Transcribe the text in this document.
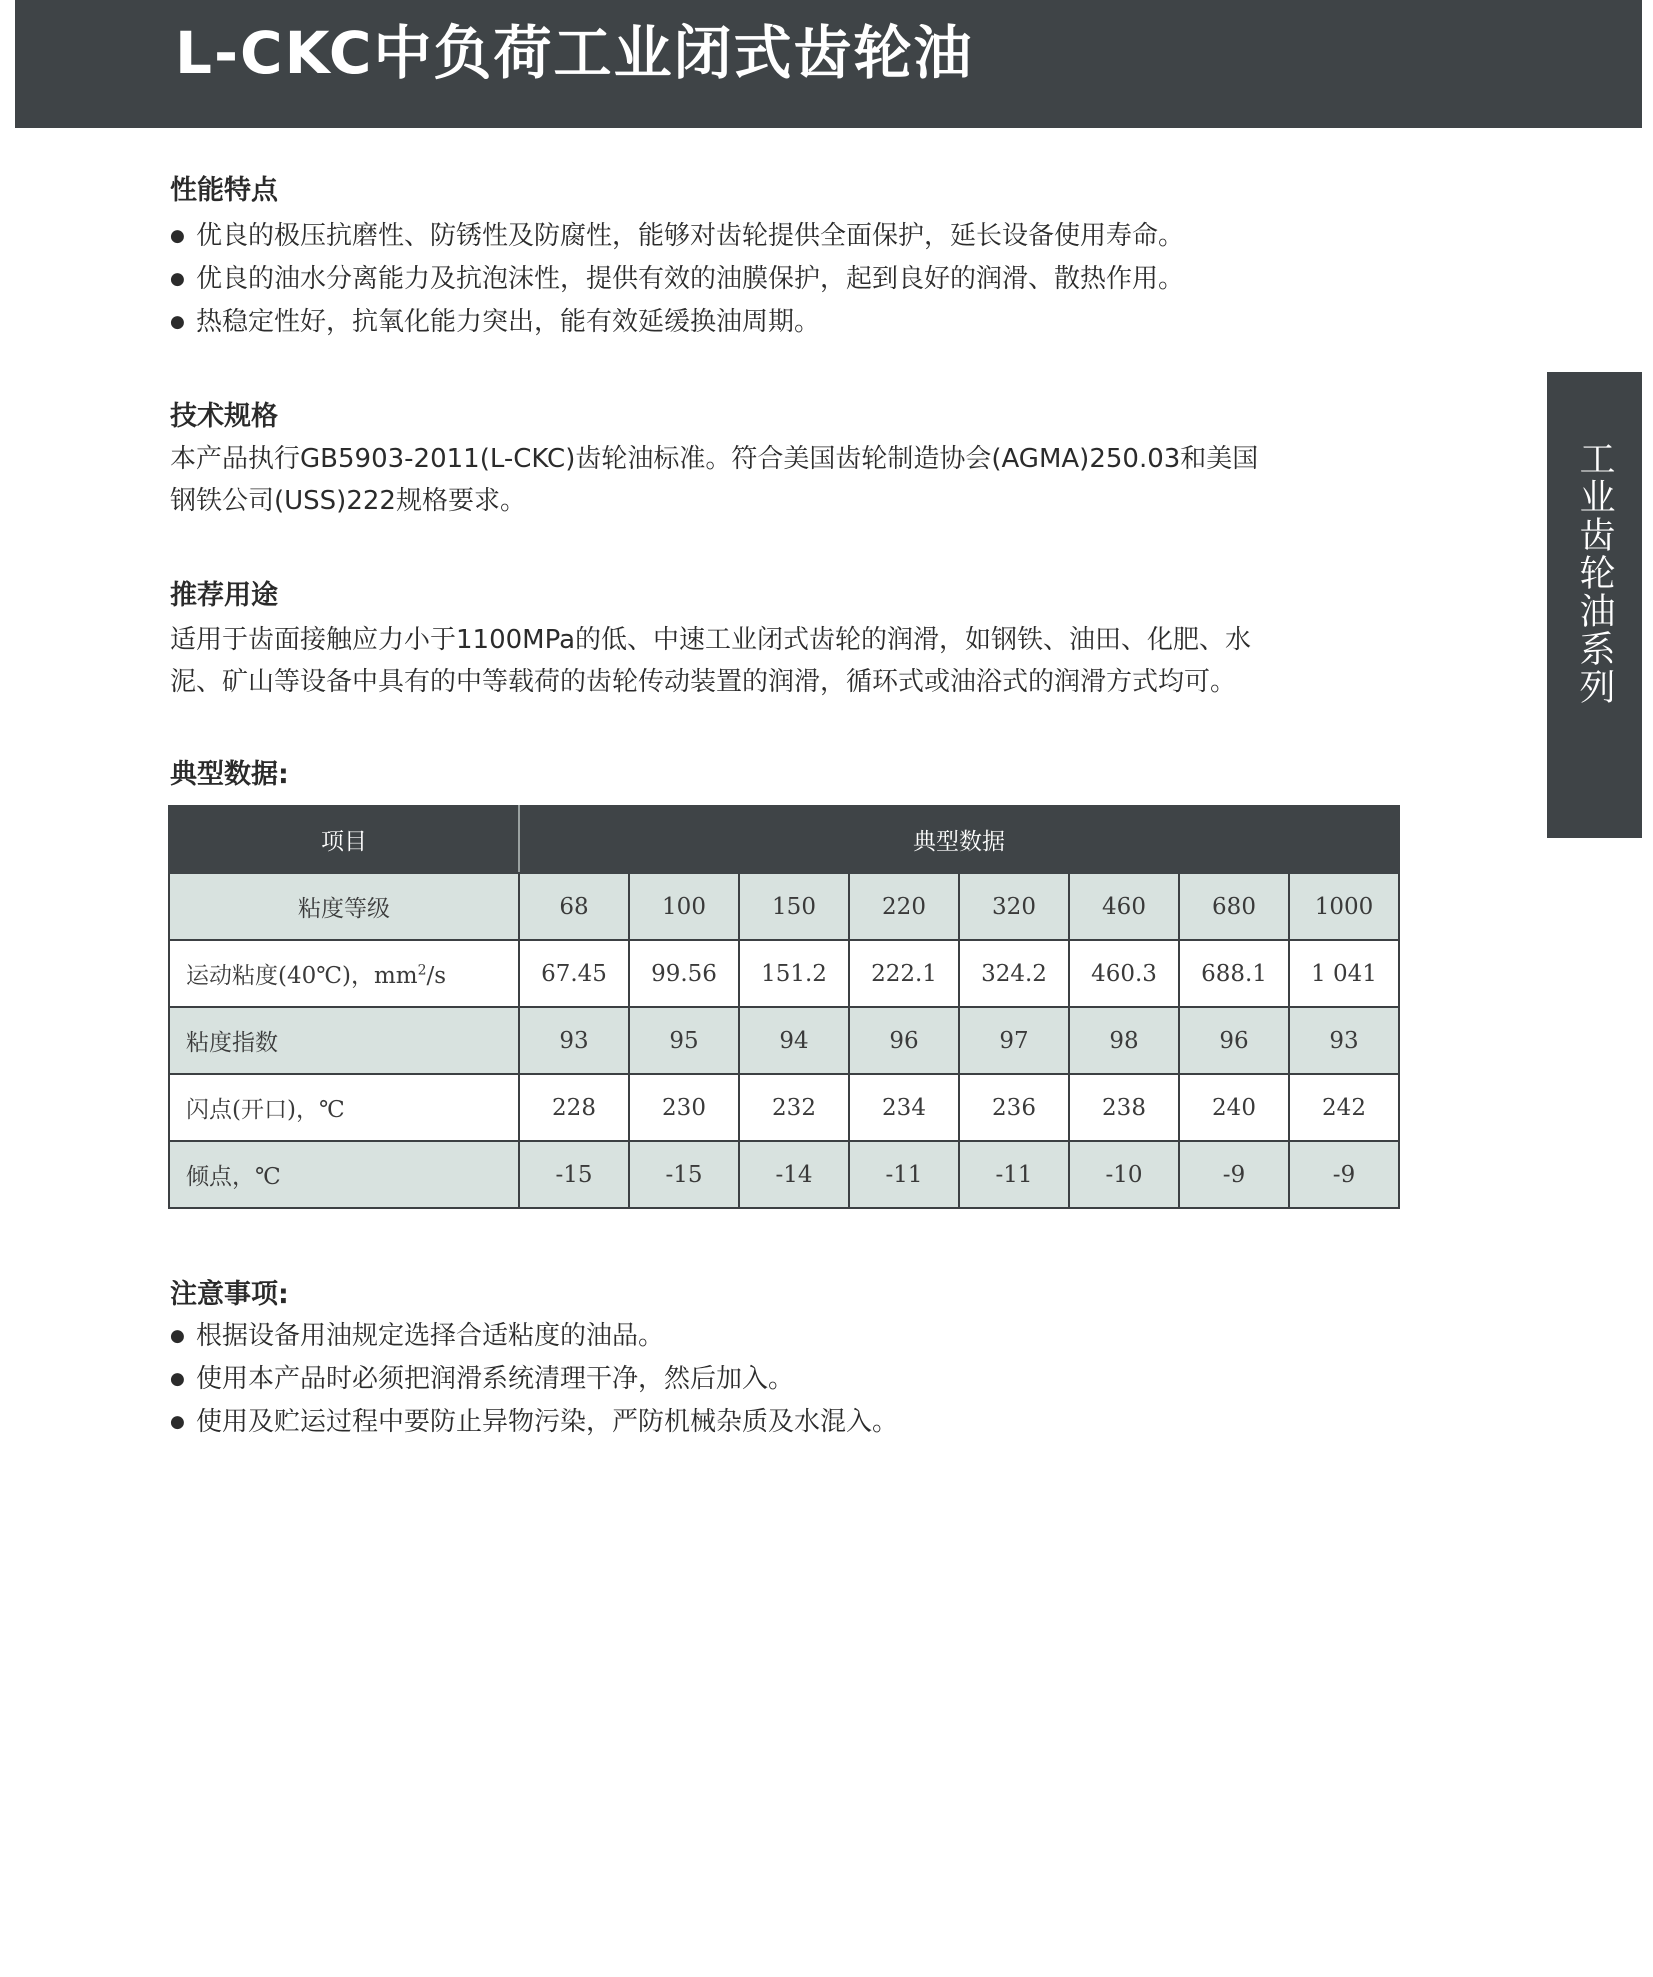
L-CKC中负荷工业闭式齿轮油
工业齿轮油系列
性能特点
● 优良的极压抗磨性、防锈性及防腐性，能够对齿轮提供全面保护，延长设备使用寿命。
● 优良的油水分离能力及抗泡沫性，提供有效的油膜保护，起到良好的润滑、散热作用。
● 热稳定性好，抗氧化能力突出，能有效延缓换油周期。
技术规格
本产品执行GB5903-2011(L-CKC)齿轮油标准。符合美国齿轮制造协会(AGMA)250.03和美国
钢铁公司(USS)222规格要求。
推荐用途
适用于齿面接触应力小于1100MPa的低、中速工业闭式齿轮的润滑，如钢铁、油田、化肥、水
泥、矿山等设备中具有的中等载荷的齿轮传动装置的润滑，循环式或油浴式的润滑方式均可。
典型数据:
项目	典型数据							
粘度等级	68	100	150	220	320	460	680	1000
运动粘度(40℃)，$mm^2/s$	67.45	99.56	151.2	222.1	324.2	460.3	688.1	1 041
粘度指数	93	95	94	96	97	98	96	93
闪点(开口)，℃	228	230	232	234	236	238	240	242
倾点，℃	-15	-15	-14	-11	-11	-10	-9	-9
注意事项:
● 根据设备用油规定选择合适粘度的油品。
● 使用本产品时必须把润滑系统清理干净，然后加入。
● 使用及贮运过程中要防止异物污染，严防机械杂质及水混入。
